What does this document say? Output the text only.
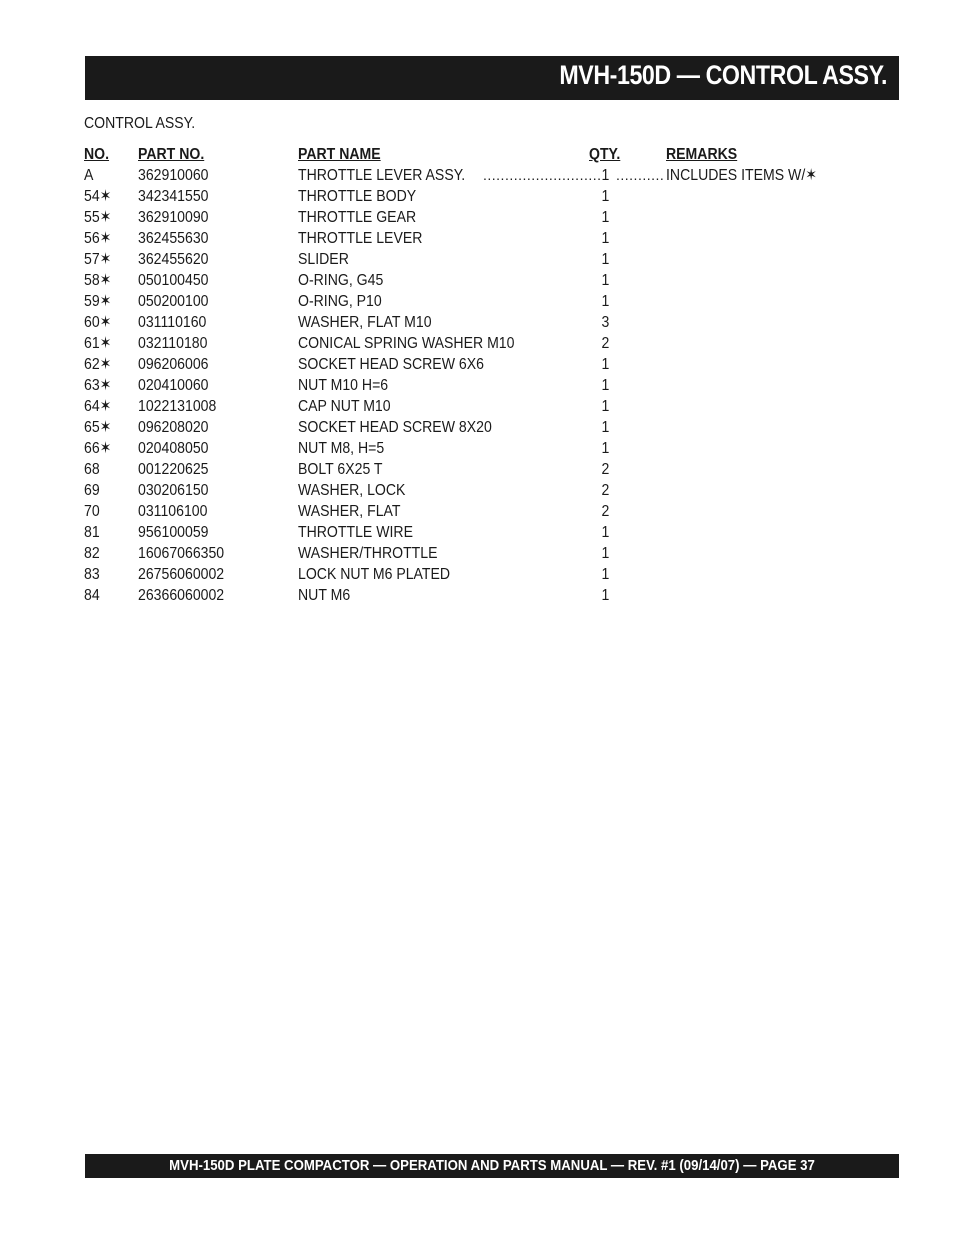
MVH-150D — CONTROL ASSY.
CONTROL ASSY.
NO. PART NO.	PART NAME	QTY.	REMARKS
A	362910060	THROTTLE LEVER ASSY.	1	INCLUDES ITEMS W/✶
........................... ...........
54✶ 342341550	THROTTLE BODY	1
55✶ 362910090	THROTTLE GEAR	1
56✶ 362455630	THROTTLE LEVER	1
57✶ 362455620	SLIDER	1
58✶ 050100450	O-RING, G45	1
59✶ 050200100	O-RING, P10	1
60✶ 031110160	WASHER, FLAT M10	3
61✶ 032110180	CONICAL SPRING WASHER M10	2
62✶ 096206006	SOCKET HEAD SCREW 6X6	1
63✶ 020410060	NUT M10 H=6	1
64✶ 1022131008	CAP NUT M10	1
65✶ 096208020	SOCKET HEAD SCREW 8X20	1
66✶ 020408050	NUT M8, H=5	1
68 001220625	BOLT 6X25 T	2
69 030206150	WASHER, LOCK	2
70 031106100	WASHER, FLAT	2
81 956100059	THROTTLE WIRE	1
82 16067066350	WASHER/THROTTLE	1
83 26756060002	LOCK NUT M6 PLATED	1
84 26366060002	NUT M6	1
MVH-150D PLATE COMPACTOR — OPERATION AND PARTS MANUAL — REV. #1 (09/14/07) — PAGE 37
